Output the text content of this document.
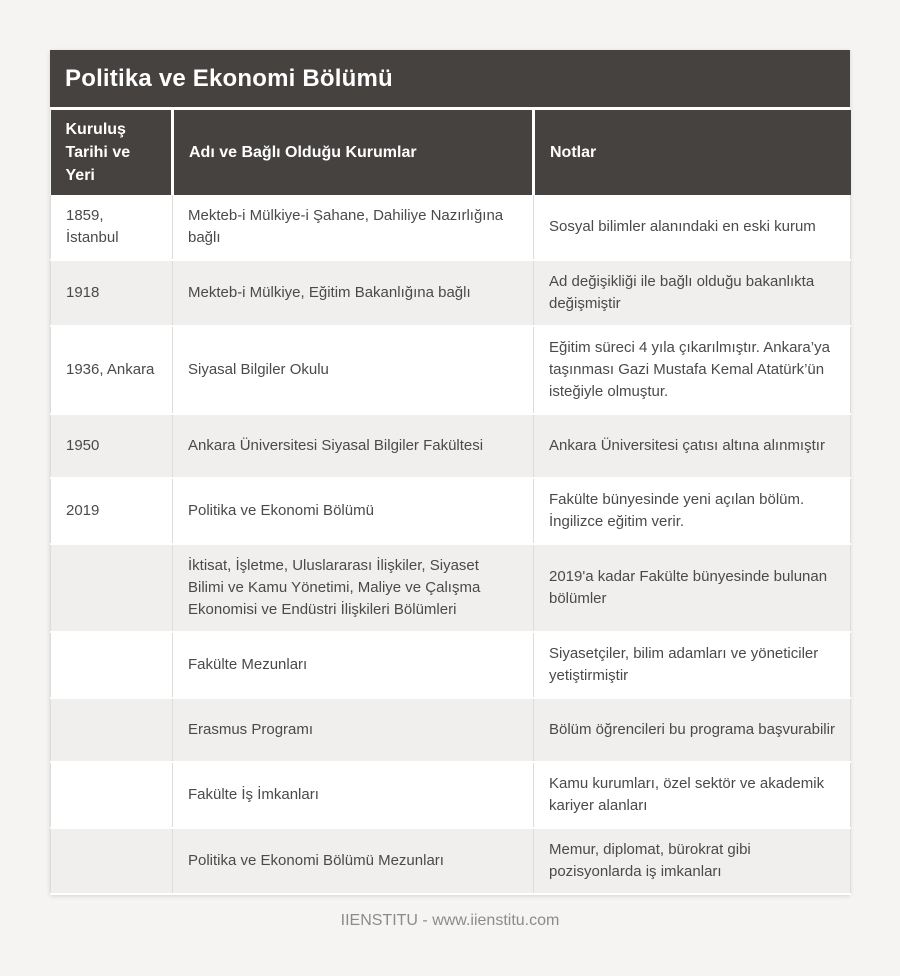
Politika ve Ekonomi Bölümü
Kuruluş Tarihi ve Yeri	Adı ve Bağlı Olduğu Kurumlar	Notlar
1859, İstanbul	Mekteb-i Mülkiye-i Şahane, Dahiliye Nazırlığına bağlı	Sosyal bilimler alanındaki en eski kurum
1918	Mekteb-i Mülkiye, Eğitim Bakanlığına bağlı	Ad değişikliği ile bağlı olduğu bakanlıkta değişmiştir
1936, Ankara	Siyasal Bilgiler Okulu	Eğitim süreci 4 yıla çıkarılmıştır. Ankara’ya taşınması Gazi Mustafa Kemal Atatürk’ün isteğiyle olmuştur.
1950	Ankara Üniversitesi Siyasal Bilgiler Fakültesi	Ankara Üniversitesi çatısı altına alınmıştır
2019	Politika ve Ekonomi Bölümü	Fakülte bünyesinde yeni açılan bölüm. İngilizce eğitim verir.
	İktisat, İşletme, Uluslararası İlişkiler, Siyaset Bilimi ve Kamu Yönetimi, Maliye ve Çalışma Ekonomisi ve Endüstri İlişkileri Bölümleri	2019'a kadar Fakülte bünyesinde bulunan bölümler
	Fakülte Mezunları	Siyasetçiler, bilim adamları ve yöneticiler yetiştirmiştir
	Erasmus Programı	Bölüm öğrencileri bu programa başvurabilir
	Fakülte İş İmkanları	Kamu kurumları, özel sektör ve akademik kariyer alanları
	Politika ve Ekonomi Bölümü Mezunları	Memur, diplomat, bürokrat gibi pozisyonlarda iş imkanları
IIENSTITU - www.iienstitu.com
